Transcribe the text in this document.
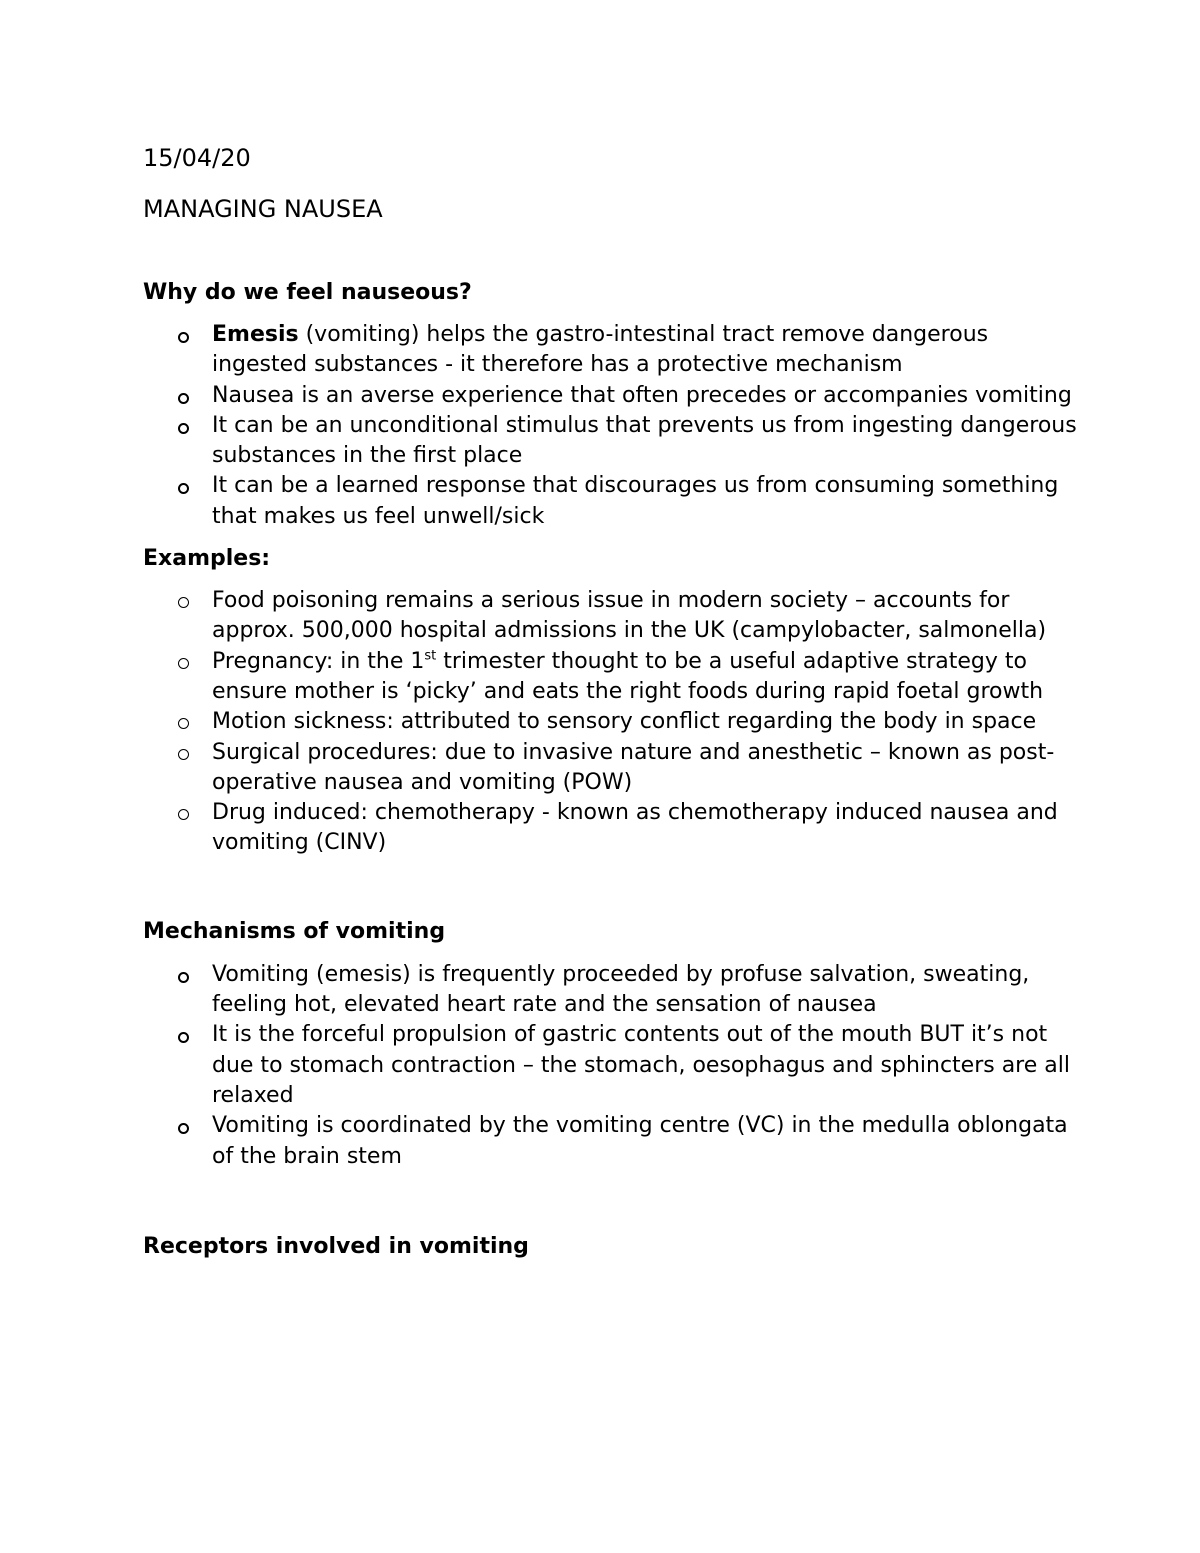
15/04/20

MANAGING NAUSEA

Why do we feel nauseous?

Emesis (vomiting) helps the gastro-intestinal tract remove dangerous ingested substances - it therefore has a protective mechanism
Nausea is an averse experience that often precedes or accompanies vomiting
It can be an unconditional stimulus that prevents us from ingesting dangerous substances in the first place
It can be a learned response that discourages us from consuming something that makes us feel unwell/sick

Examples:

Food poisoning remains a serious issue in modern society – accounts for approx. 500,000 hospital admissions in the UK (campylobacter, salmonella)
Pregnancy: in the 1st trimester thought to be a useful adaptive strategy to ensure mother is ‘picky’ and eats the right foods during rapid foetal growth
Motion sickness: attributed to sensory conflict regarding the body in space
Surgical procedures: due to invasive nature and anesthetic – known as post-operative nausea and vomiting (POW)
Drug induced: chemotherapy - known as chemotherapy induced nausea and vomiting (CINV)

Mechanisms of vomiting

Vomiting (emesis) is frequently proceeded by profuse salvation, sweating, feeling hot, elevated heart rate and the sensation of nausea
It is the forceful propulsion of gastric contents out of the mouth BUT it’s not due to stomach contraction – the stomach, oesophagus and sphincters are all relaxed
Vomiting is coordinated by the vomiting centre (VC) in the medulla oblongata of the brain stem

Receptors involved in vomiting
